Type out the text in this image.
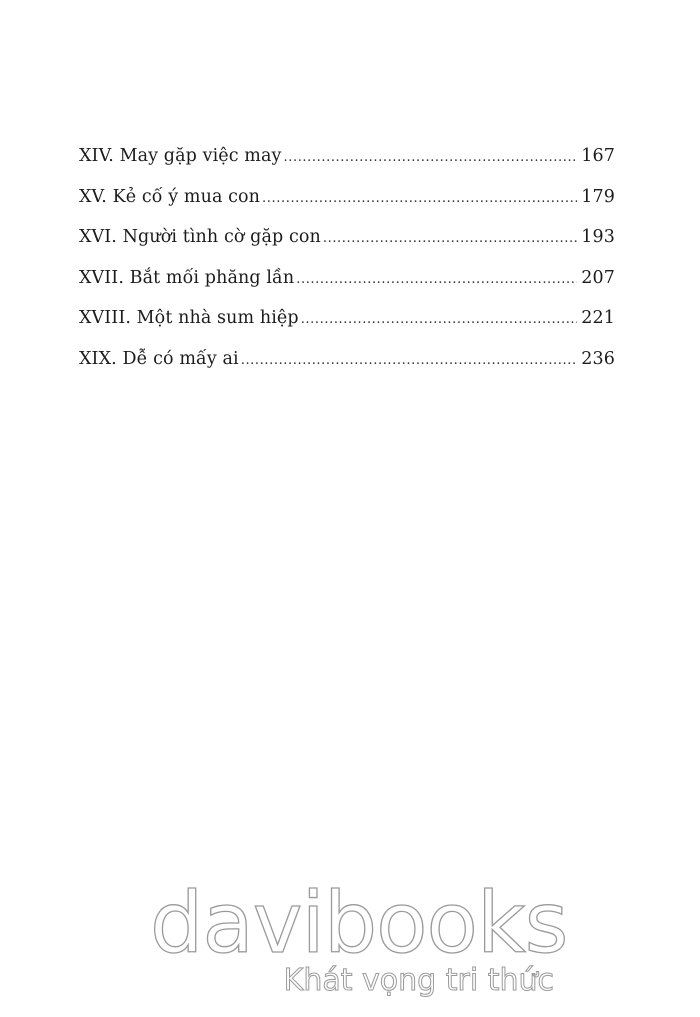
XIV. May gặp việc may .....	167
XV. Kẻ cố ý mua con .....	179
XVI. Người tình cờ gặp con .....	193
XVII. Bắt mối phăng lần .....	207
XVIII. Một nhà sum hiệp .....	221
XIX. Dễ có mấy ai .....	236
davibooks
Khát vọng tri thức
